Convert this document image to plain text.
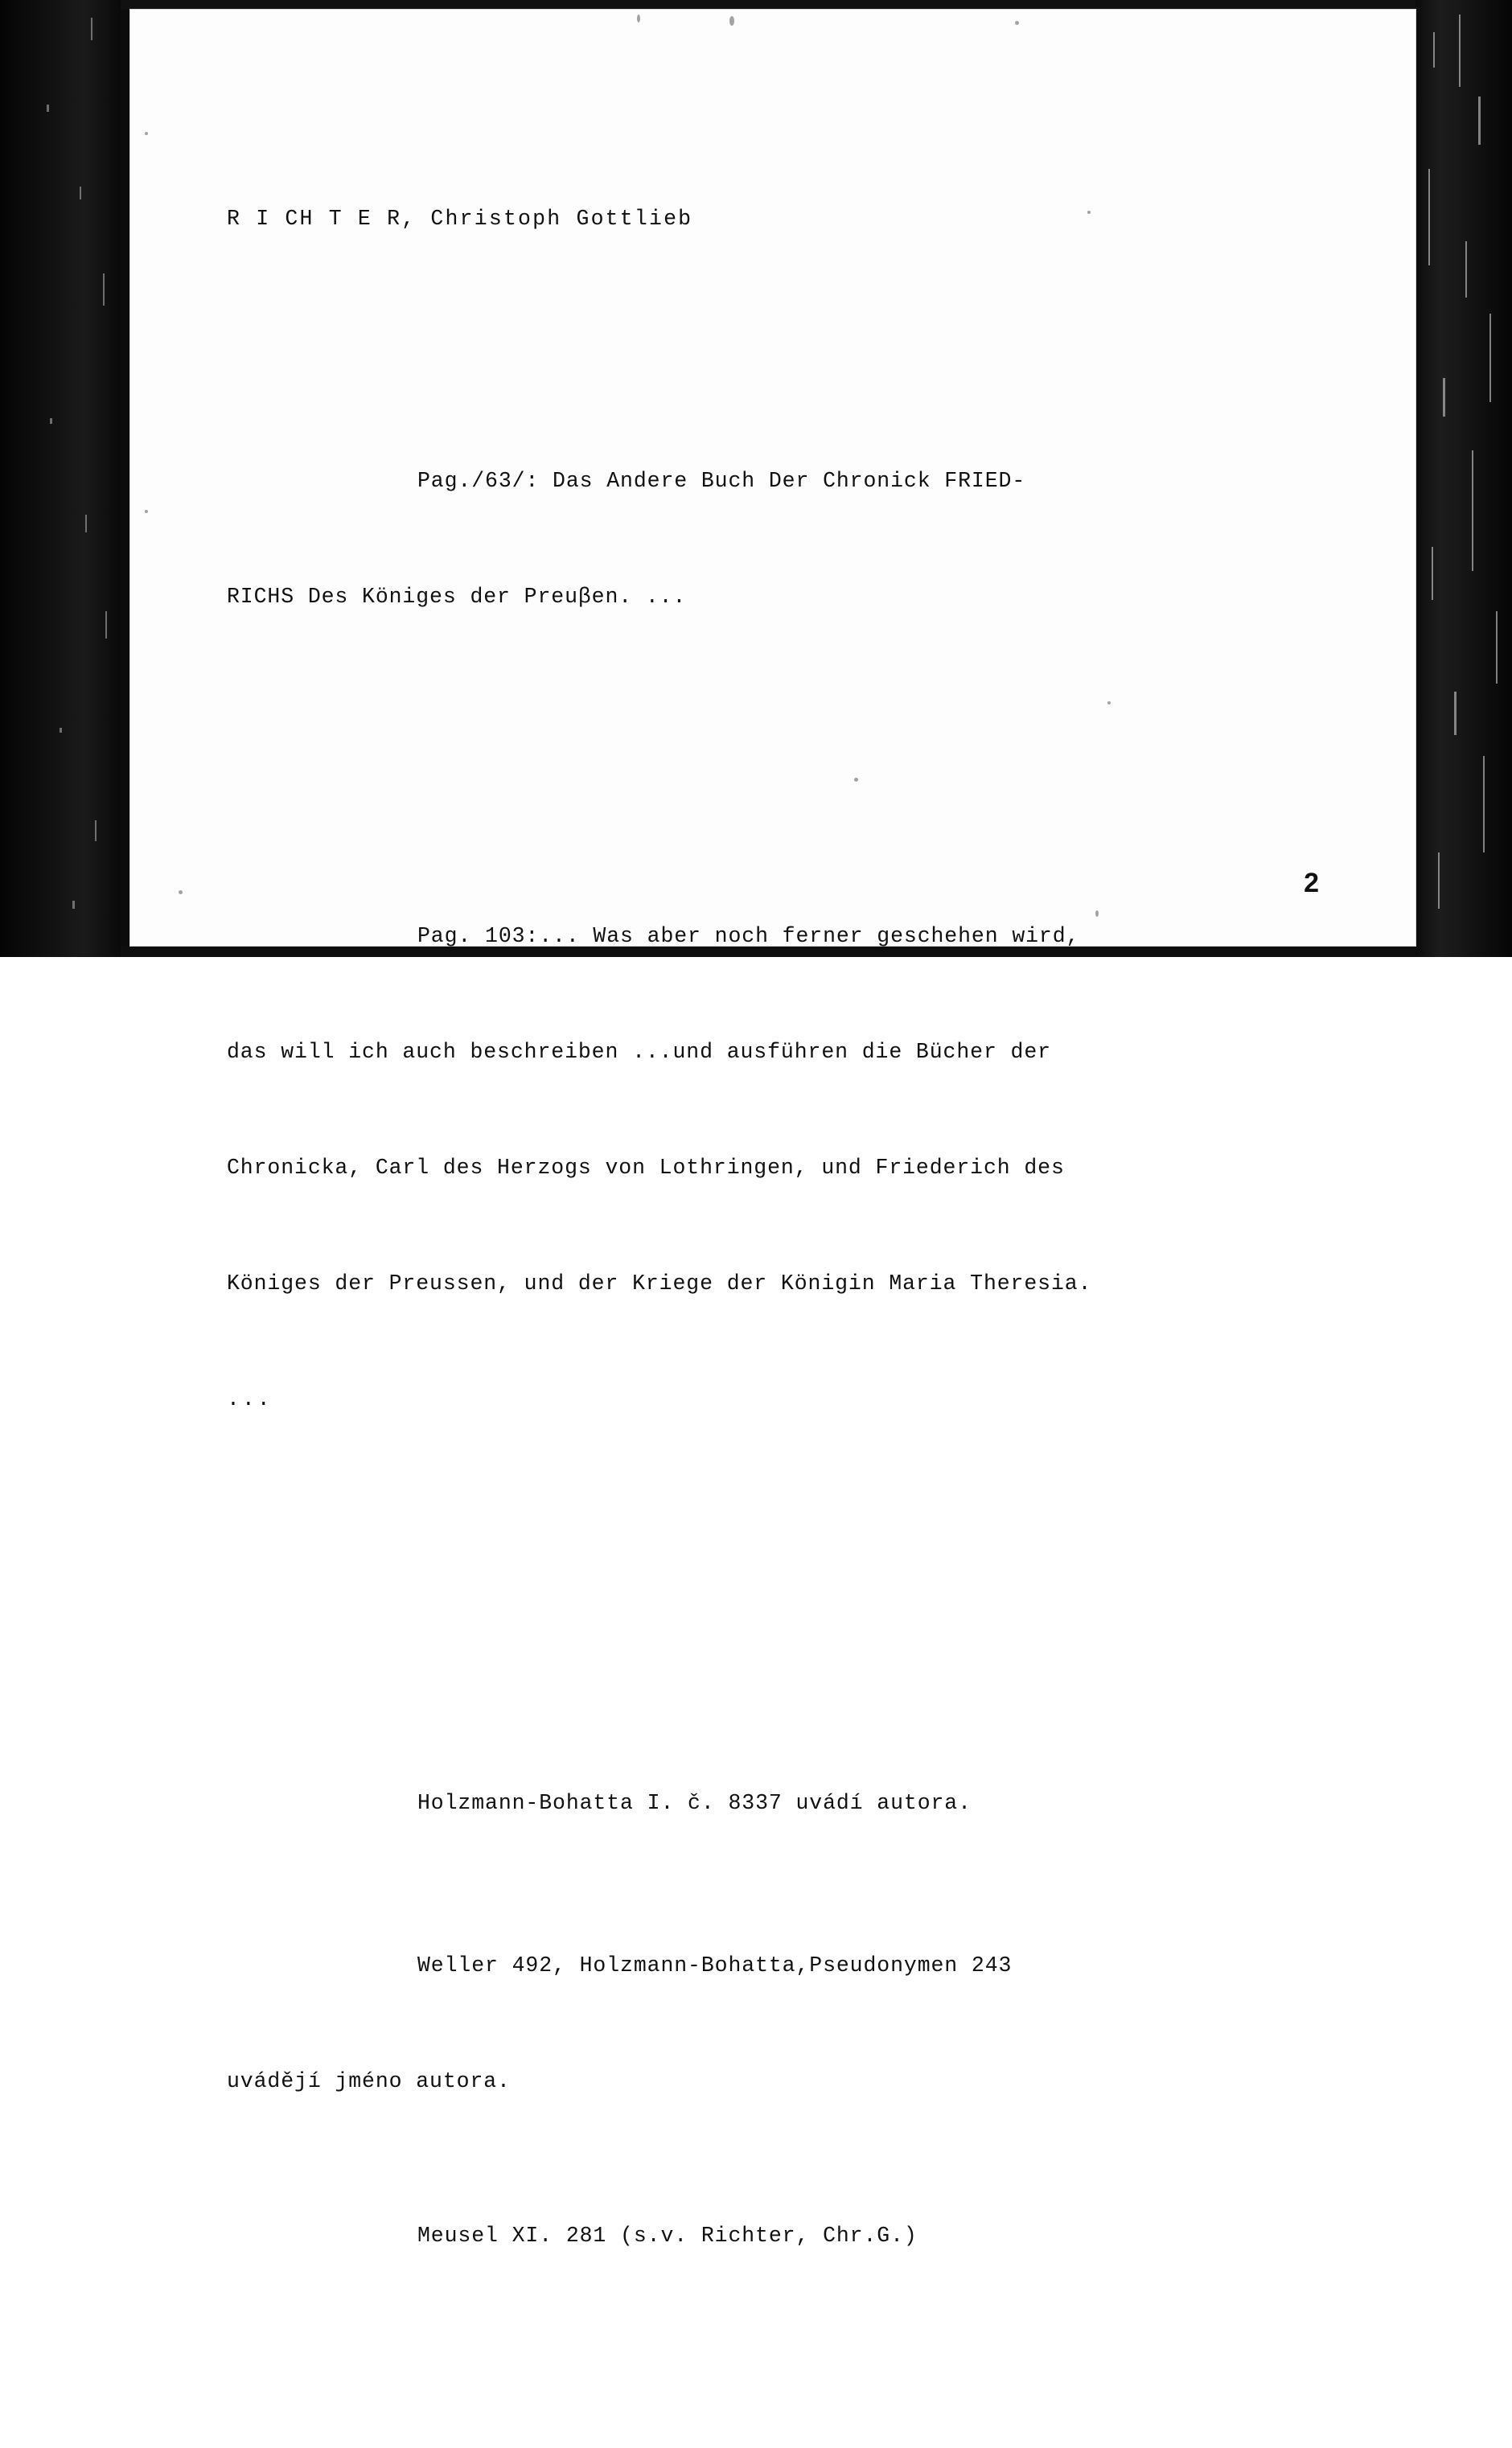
R I CH T E R, Christoph Gottlieb

Pag./63/: Das Andere Buch Der Chronick FRIED-

RICHS Des Königes der Preuβen. ...

Pag. 103:... Was aber noch ferner geschehen wird,

das will ich auch beschreiben ...und ausführen die Bücher der

Chronicka, Carl des Herzogs von Lothringen, und Friederich des

Königes der Preussen, und der Kriege der Königin Maria Theresia.

...

Holzmann-Bohatta I. č. 8337 uvádí autora.

Weller 492, Holzmann-Bohatta,Pseudonymen 243

uvádějí jméno autora.

Meusel XI. 281 (s.v. Richter, Chr.G.)

2
